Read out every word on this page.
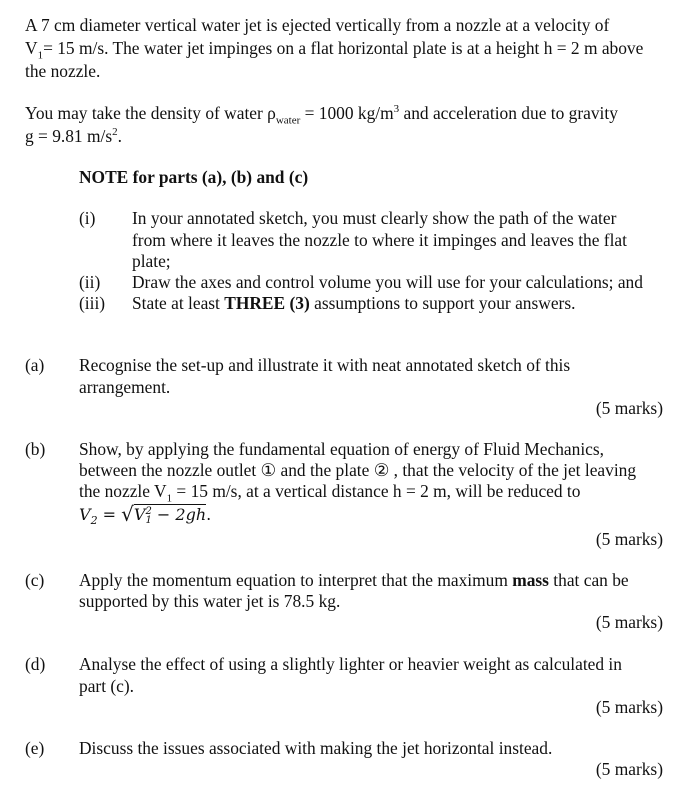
A 7 cm diameter vertical water jet is ejected vertically from a nozzle at a velocity of
$V_1= 15$ m/s. The water jet impinges on a flat horizontal plate is at a height h = 2 m above
the nozzle.
You may take the density of water $\rho_{water} = 1000$ $kg/m^3$ and acceleration due to gravity
g = 9.81 $m/s^2$.
NOTE for parts (a), (b) and (c)
(i) In your annotated sketch, you must clearly show the path of the water
from where it leaves the nozzle to where it impinges and leaves the flat
plate;
(ii) Draw the axes and control volume you will use for your calculations; and
(iii) State at least THREE (3) assumptions to support your answers.
(a) Recognise the set-up and illustrate it with neat annotated sketch of this
arrangement.
(5 marks)
(b) Show, by applying the fundamental equation of energy of Fluid Mechanics,
between the nozzle outlet ① and the plate ② , that the velocity of the jet leaving
the nozzle $V_1 = 15$ m/s, at a vertical distance h = 2 m, will be reduced to
$V_2 = √V$ 2
1 − 2gh.
(5 marks)
(c) Apply the momentum equation to interpret that the maximum mass that can be
supported by this water jet is 78.5 kg.
(5 marks)
(d) Analyse the effect of using a slightly lighter or heavier weight as calculated in
part (c).
(5 marks)
(e) Discuss the issues associated with making the jet horizontal instead.
(5 marks)
